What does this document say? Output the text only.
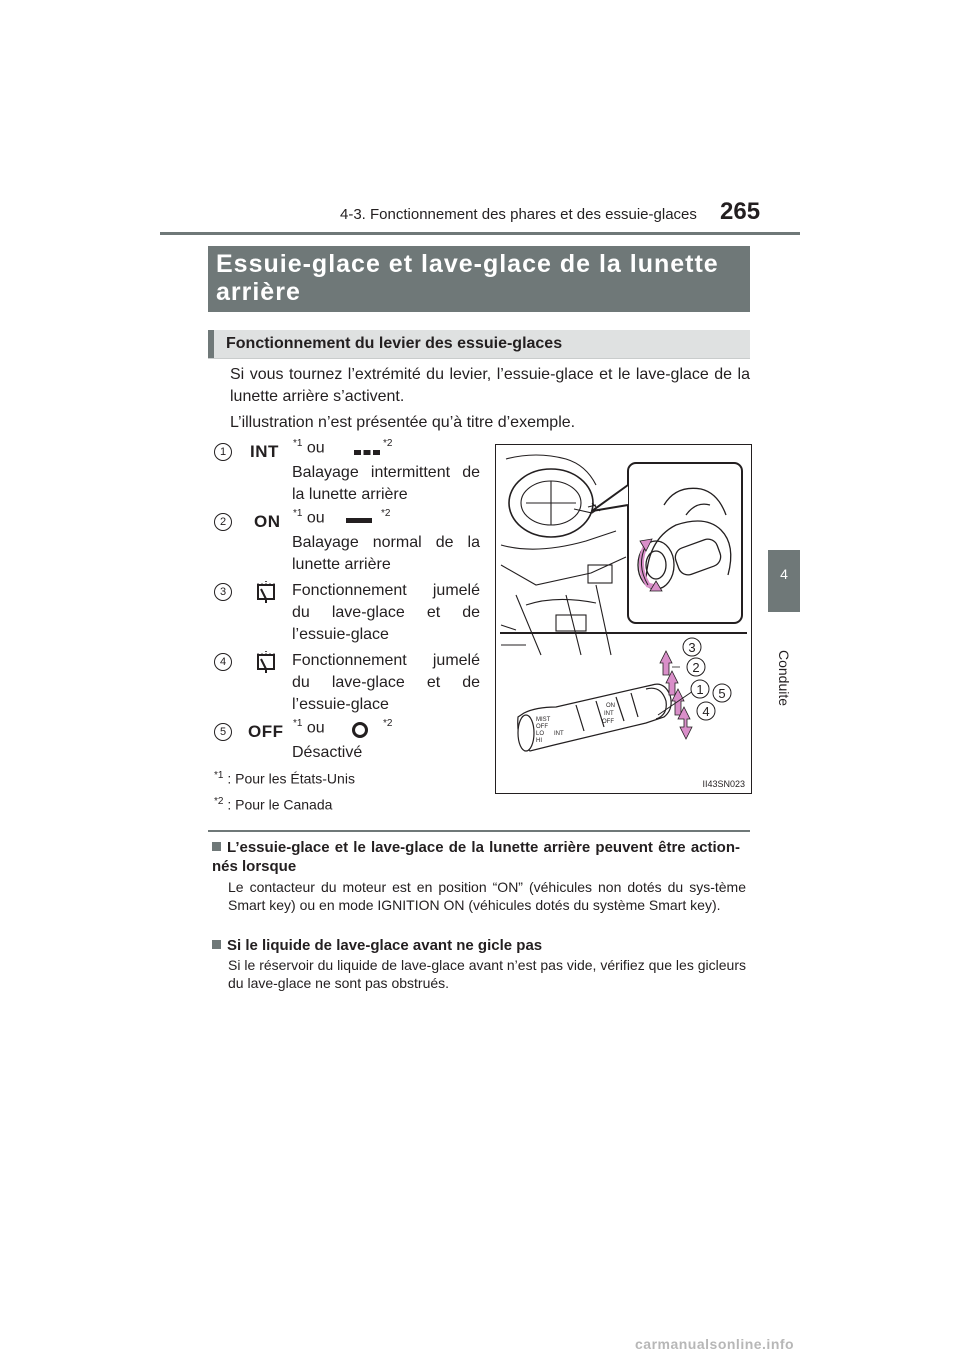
4-3. Fonctionnement des phares et des essuie-glaces 265
4
Conduite
Essuie-glace et lave-glace de la lunette arrière
Fonctionnement du levier des essuie-glaces
Si vous tournez l’extrémité du levier, l’essuie-glace et le lave-glace de la lunette arrière s’activent.
L’illustration n’est présentée qu’à titre d’exemple.
1	INT $^{*1}$ ou	$^{*2}$
Balayage intermittent de la lunette arrière
2	ON $^{*1}$ ou	$^{*2}$
Balayage normal de la lunette arrière
3	Fonctionnement jumelé du lave-glace et de l’essuie-glace
4	Fonctionnement jumelé du lave-glace et de l’essuie-glace
5	OFF $^{*1}$ ou	$^{*2}$
Désactivé
MIST
OFF
INT
LO
HI
ON
INT
OFF
3
2
1 5
4
II43SN023
$^{*1}$ : Pour les États-Unis
$^{*2}$ : Pour le Canada
L’essuie-glace et le lave-glace de la lunette arrière peuvent être action-nés lorsque
Le contacteur du moteur est en position “ON” (véhicules non dotés du sys-tème Smart key) ou en mode IGNITION ON (véhicules dotés du système Smart key).
Si le liquide de lave-glace avant ne gicle pas
Si le réservoir du liquide de lave-glace avant n’est pas vide, vérifiez que les gicleurs du lave-glace ne sont pas obstrués.
carmanualsonline.info
